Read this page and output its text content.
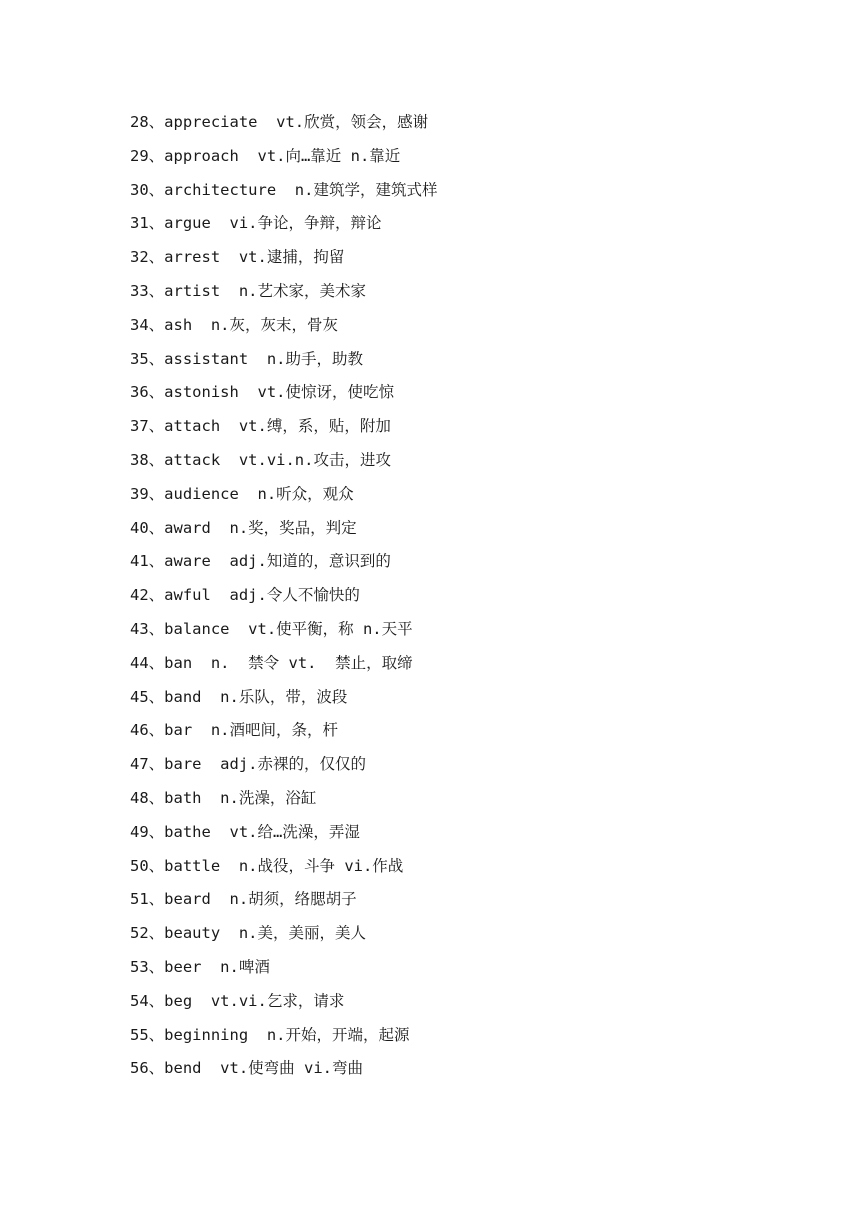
28、appreciate  vt.欣赏，领会，感谢
29、approach  vt.向…靠近 n.靠近
30、architecture  n.建筑学，建筑式样
31、argue  vi.争论，争辩，辩论
32、arrest  vt.逮捕，拘留
33、artist  n.艺术家，美术家
34、ash  n.灰，灰末，骨灰
35、assistant  n.助手，助教
36、astonish  vt.使惊讶，使吃惊
37、attach  vt.缚，系，贴，附加
38、attack  vt.vi.n.攻击，进攻
39、audience  n.听众，观众
40、award  n.奖，奖品，判定
41、aware  adj.知道的，意识到的
42、awful  adj.令人不愉快的
43、balance  vt.使平衡，称 n.天平
44、ban  n.  禁令 vt.  禁止，取缔
45、band  n.乐队，带，波段
46、bar  n.酒吧间，条，杆
47、bare  adj.赤裸的，仅仅的
48、bath  n.洗澡，浴缸
49、bathe  vt.给…洗澡，弄湿
50、battle  n.战役，斗争 vi.作战
51、beard  n.胡须，络腮胡子
52、beauty  n.美，美丽，美人
53、beer  n.啤酒
54、beg  vt.vi.乞求，请求
55、beginning  n.开始，开端，起源
56、bend  vt.使弯曲 vi.弯曲
